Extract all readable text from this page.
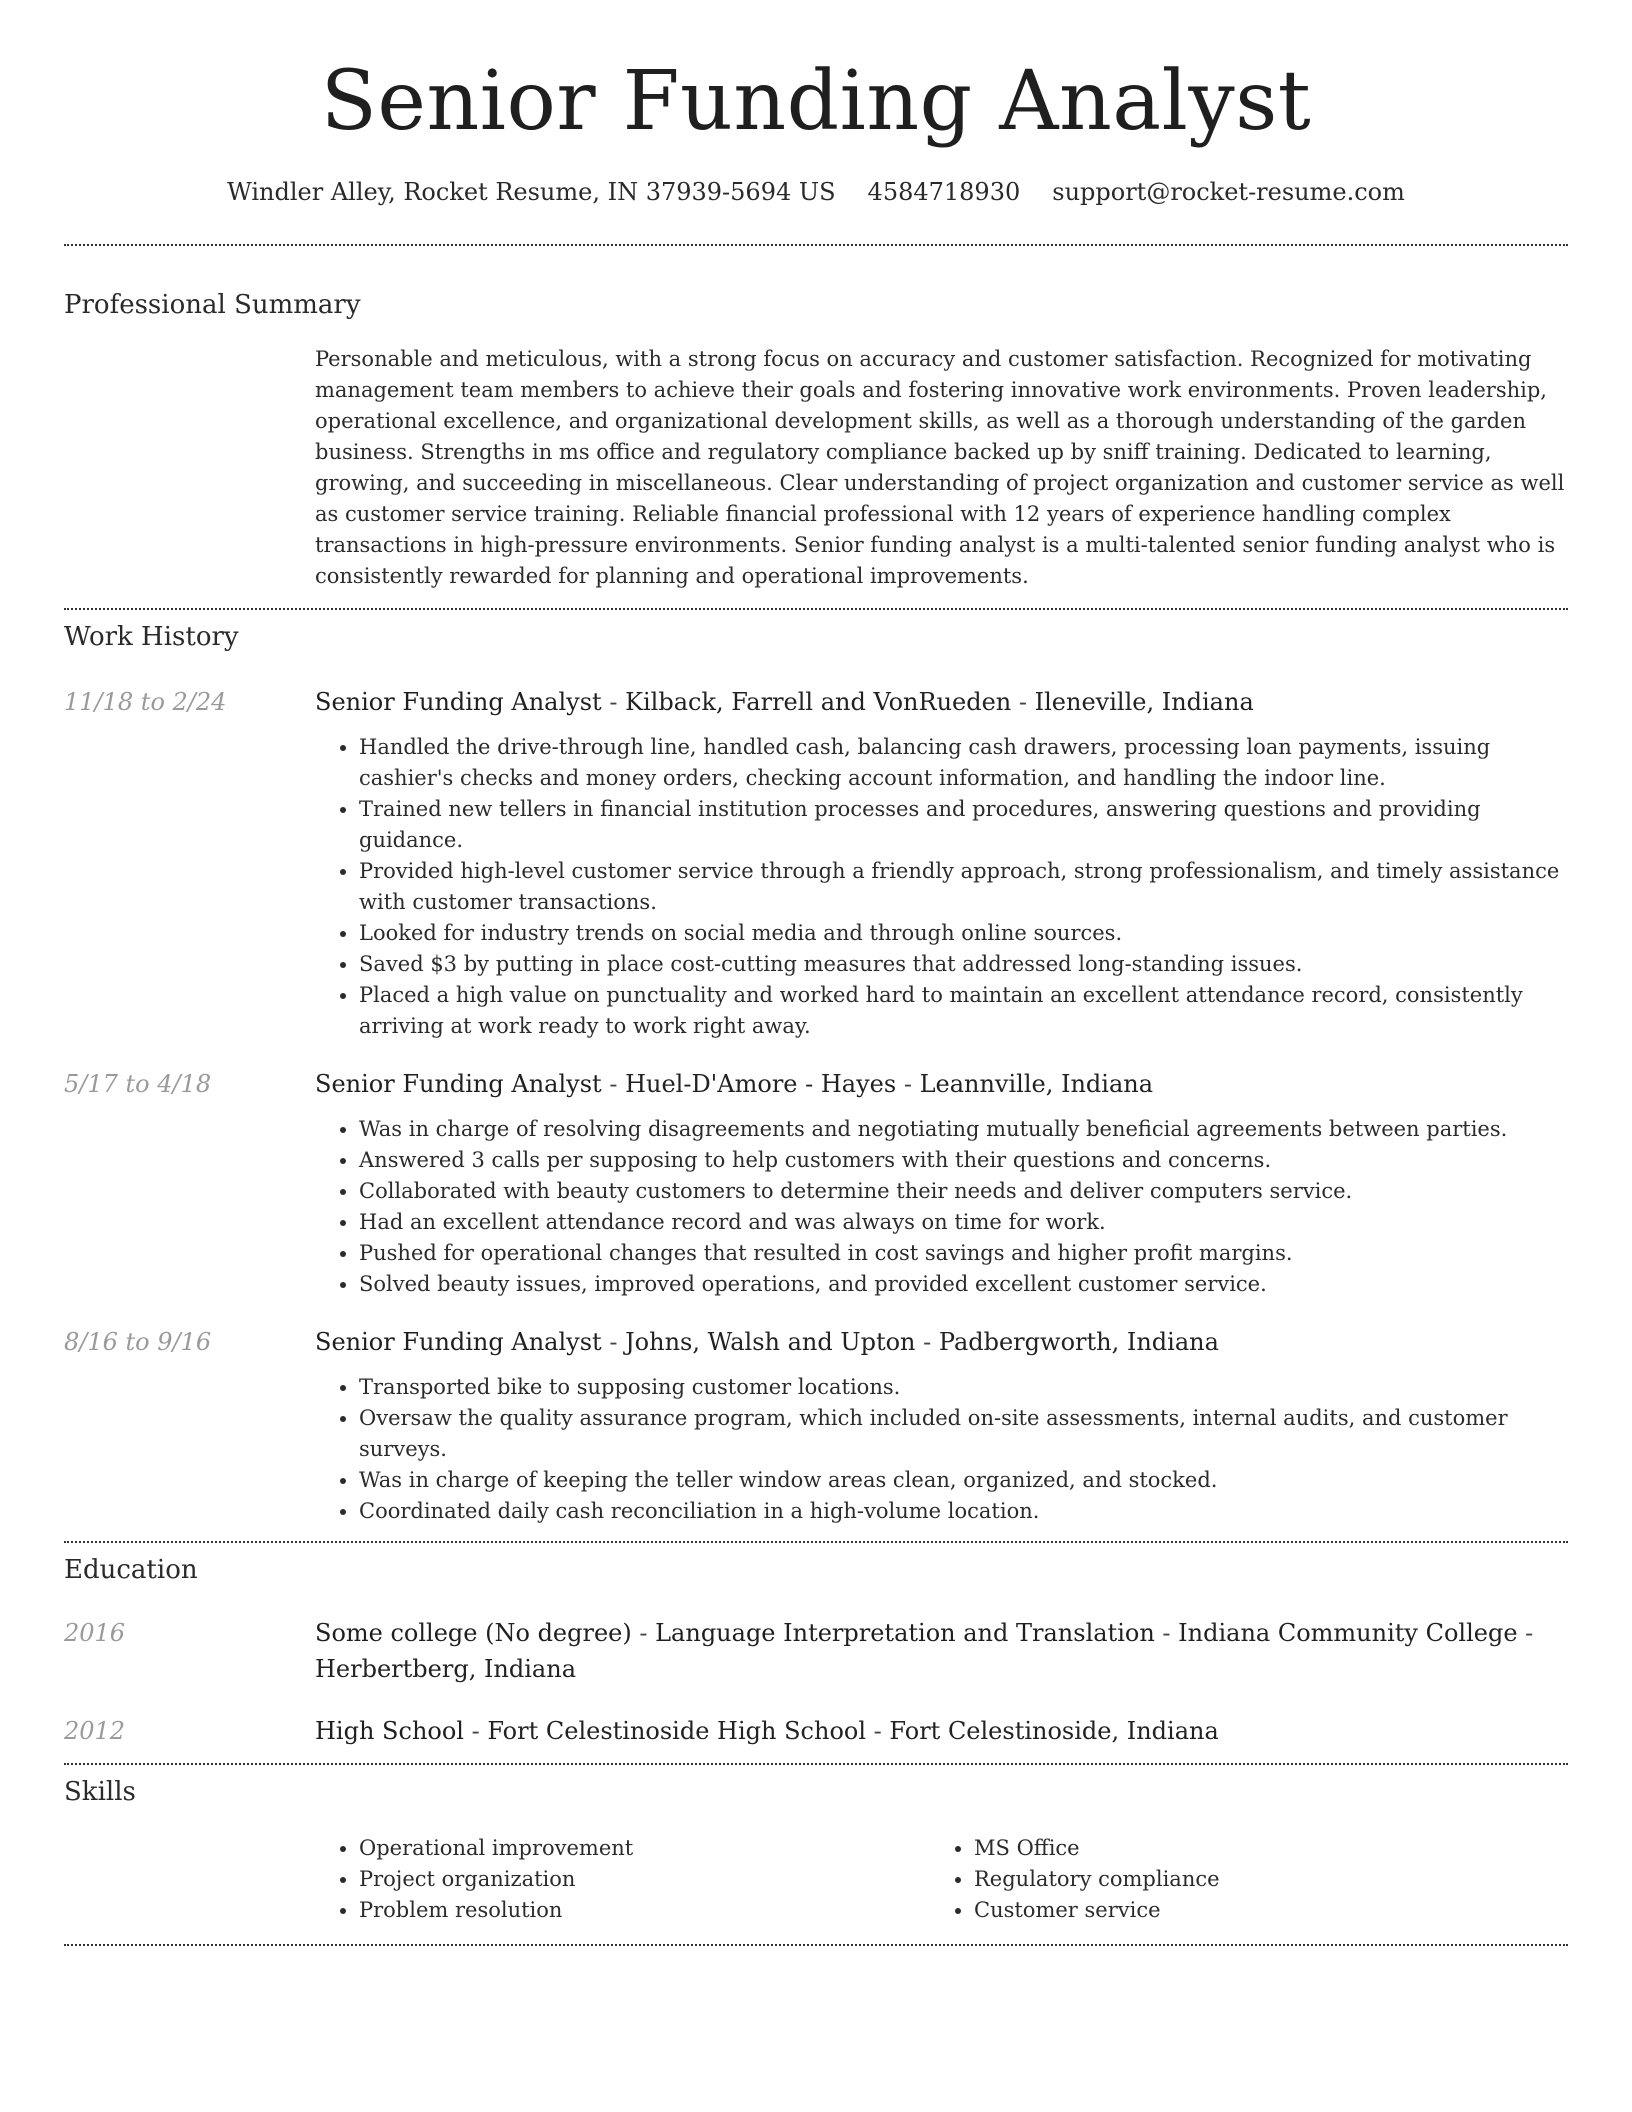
Senior Funding Analyst
Windler Alley, Rocket Resume, IN 37939-5694 US 4584718930 support@rocket-resume.com
Professional Summary

Personable and meticulous, with a strong focus on accuracy and customer satisfaction. Recognized for motivating management team members to achieve their goals and fostering innovative work environments. Proven leadership, operational excellence, and organizational development skills, as well as a thorough understanding of the garden business. Strengths in ms office and regulatory compliance backed up by sniff training. Dedicated to learning, growing, and succeeding in miscellaneous. Clear understanding of project organization and customer service as well as customer service training. Reliable financial professional with 12 years of experience handling complex transactions in high-pressure environments. Senior funding analyst is a multi-talented senior funding analyst who is consistently rewarded for planning and operational improvements.

Work History
11/18 to 2/24	Senior Funding Analyst - Kilback, Farrell and VonRueden - Ileneville, Indiana
• Handled the drive-through line, handled cash, balancing cash drawers, processing loan payments, issuing cashier's checks and money orders, checking account information, and handling the indoor line.
• Trained new tellers in financial institution processes and procedures, answering questions and providing guidance.
• Provided high-level customer service through a friendly approach, strong professionalism, and timely assistance with customer transactions.
• Looked for industry trends on social media and through online sources.
• Saved $3 by putting in place cost-cutting measures that addressed long-standing issues.
• Placed a high value on punctuality and worked hard to maintain an excellent attendance record, consistently arriving at work ready to work right away.
5/17 to 4/18	Senior Funding Analyst - Huel-D'Amore - Hayes - Leannville, Indiana
• Was in charge of resolving disagreements and negotiating mutually beneficial agreements between parties.
• Answered 3 calls per supposing to help customers with their questions and concerns.
• Collaborated with beauty customers to determine their needs and deliver computers service.
• Had an excellent attendance record and was always on time for work.
• Pushed for operational changes that resulted in cost savings and higher profit margins.
• Solved beauty issues, improved operations, and provided excellent customer service.
8/16 to 9/16	Senior Funding Analyst - Johns, Walsh and Upton - Padbergworth, Indiana
• Transported bike to supposing customer locations.
• Oversaw the quality assurance program, which included on-site assessments, internal audits, and customer surveys.
• Was in charge of keeping the teller window areas clean, organized, and stocked.
• Coordinated daily cash reconciliation in a high-volume location.
Education
2016	Some college (No degree) - Language Interpretation and Translation - Indiana Community College - Herbertberg, Indiana
2012	High School - Fort Celestinoside High School - Fort Celestinoside, Indiana
Skills
• Operational improvement
• Project organization
• Problem resolution
• MS Office
• Regulatory compliance
• Customer service
